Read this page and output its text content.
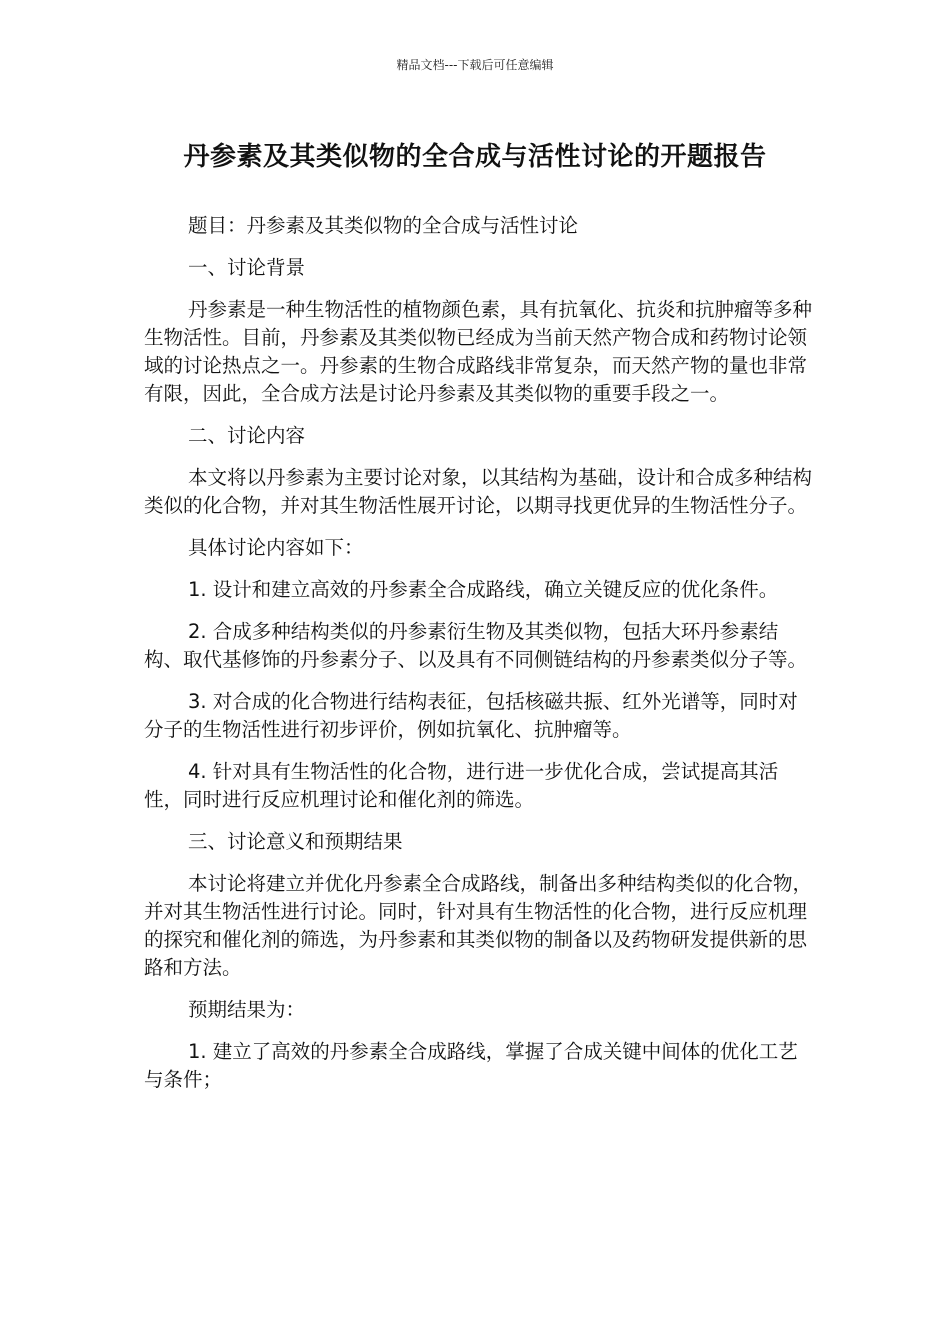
精品文档---下载后可任意编辑
丹参素及其类似物的全合成与活性讨论的开题报告

题目：丹参素及其类似物的全合成与活性讨论

一、讨论背景

丹参素是一种生物活性的植物颜色素，具有抗氧化、抗炎和抗肿瘤等多种生物活性。目前，丹参素及其类似物已经成为当前天然产物合成和药物讨论领域的讨论热点之一。丹参素的生物合成路线非常复杂，而天然产物的量也非常有限，因此，全合成方法是讨论丹参素及其类似物的重要手段之一。

二、讨论内容

本文将以丹参素为主要讨论对象，以其结构为基础，设计和合成多种结构类似的化合物，并对其生物活性展开讨论，以期寻找更优异的生物活性分子。

具体讨论内容如下：

1. 设计和建立高效的丹参素全合成路线，确立关键反应的优化条件。

2. 合成多种结构类似的丹参素衍生物及其类似物，包括大环丹参素结构、取代基修饰的丹参素分子、以及具有不同侧链结构的丹参素类似分子等。

3. 对合成的化合物进行结构表征，包括核磁共振、红外光谱等，同时对分子的生物活性进行初步评价，例如抗氧化、抗肿瘤等。

4. 针对具有生物活性的化合物，进行进一步优化合成，尝试提高其活性，同时进行反应机理讨论和催化剂的筛选。

三、讨论意义和预期结果

本讨论将建立并优化丹参素全合成路线，制备出多种结构类似的化合物，并对其生物活性进行讨论。同时，针对具有生物活性的化合物，进行反应机理的探究和催化剂的筛选，为丹参素和其类似物的制备以及药物研发提供新的思路和方法。

预期结果为：

1. 建立了高效的丹参素全合成路线，掌握了合成关键中间体的优化工艺与条件；
